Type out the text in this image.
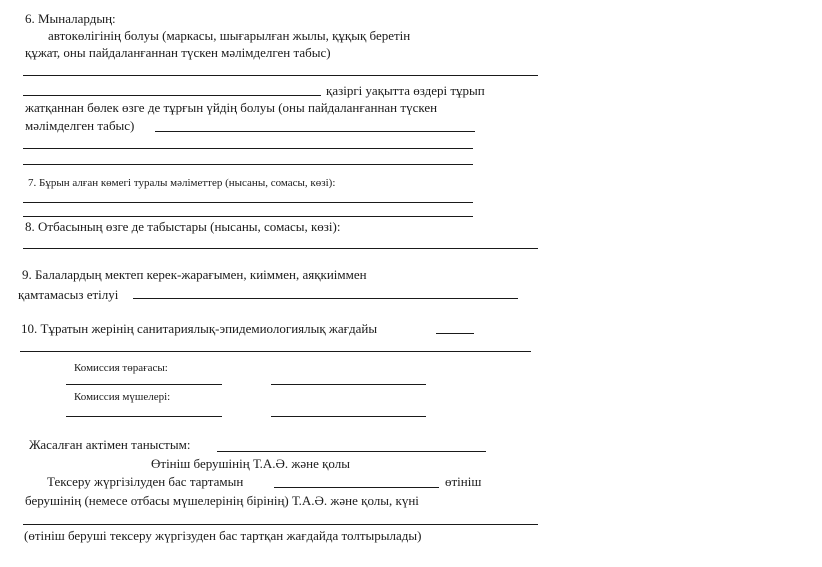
6. Мыналардың:
автокөлігінің болуы (маркасы, шығарылған жылы, құқық беретін
құжат, оны пайдаланғаннан түскен мәлімделген табыс)
қазіргі уақытта өздері тұрып
жатқаннан бөлек өзге де тұрғын үйдің болуы (оны пайдаланғаннан түскен
мәлімделген табыс)
7. Бұрын алған көмегі туралы мәліметтер (нысаны, сомасы, көзі):
8. Отбасының өзге де табыстары (нысаны, сомасы, көзі):
9. Балалардың мектеп керек-жарағымен, киіммен, аяқкиіммен
қамтамасыз етілуі
10. Тұратын жерінің санитариялық-эпидемиологиялық жағдайы
Комиссия төрағасы:
Комиссия мүшелері:
Жасалған актімен таныстым:
Өтініш берушінің Т.А.Ә. және қолы
Тексеру жүргізілуден бас тартамын	өтініш
берушінің (немесе отбасы мүшелерінің бірінің) Т.А.Ә. және қолы, күні
(өтініш беруші тексеру жүргізуден бас тартқан жағдайда толтырылады)
